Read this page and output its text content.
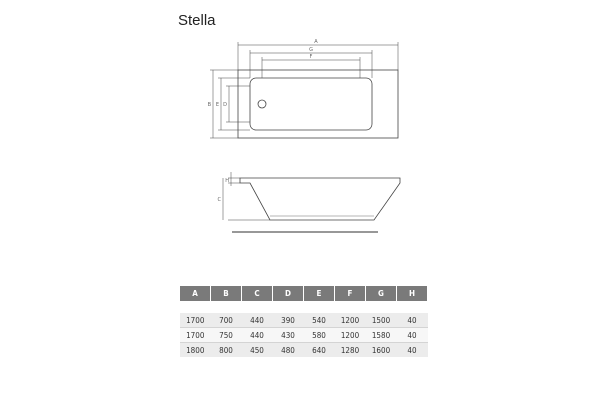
Stella
A
G
F
B E D
H
C
A	B	C	D	E	F	G	H

1700	700	440	390	540	1200	1500	40
1700	750	440	430	580	1200	1580	40
1800	800	450	480	640	1280	1600	40
